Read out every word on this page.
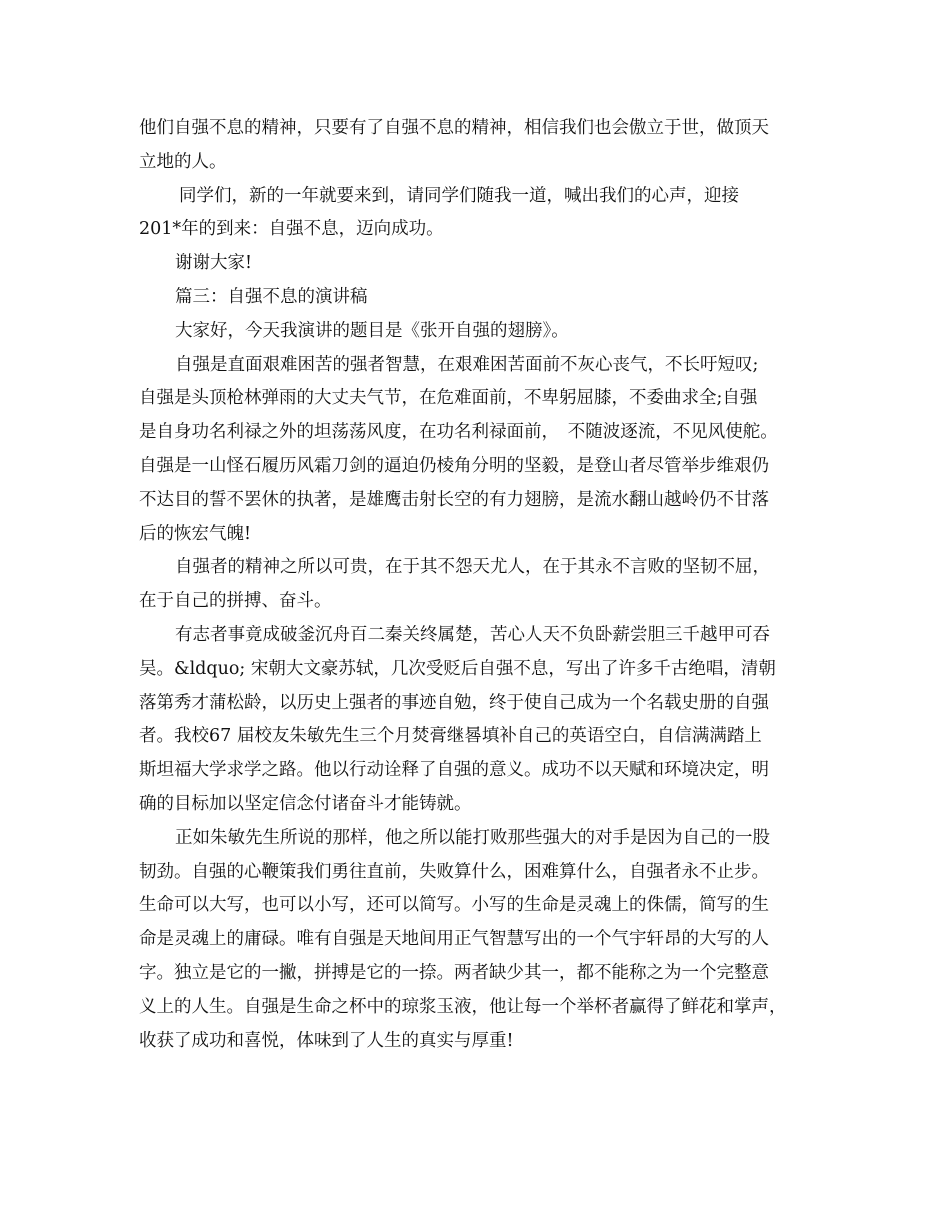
他们自强不息的精神，只要有了自强不息的精神，相信我们也会傲立于世，做顶天
立地的人。
同学们，新的一年就要来到，请同学们随我一道，喊出我们的心声，迎接
201*年的到来：自强不息，迈向成功。
谢谢大家!
篇三：自强不息的演讲稿
大家好，今天我演讲的题目是《张开自强的翅膀》。
自强是直面艰难困苦的强者智慧，在艰难困苦面前不灰心丧气，不长吁短叹;
自强是头顶枪林弹雨的大丈夫气节，在危难面前，不卑躬屈膝，不委曲求全;自强
是自身功名利禄之外的坦荡荡风度，在功名利禄面前，　不随波逐流，不见风使舵。
自强是一山怪石履历风霜刀剑的逼迫仍棱角分明的坚毅，是登山者尽管举步维艰仍
不达目的誓不罢休的执著，是雄鹰击射长空的有力翅膀，是流水翻山越岭仍不甘落
后的恢宏气魄!
自强者的精神之所以可贵，在于其不怨天尤人，在于其永不言败的坚韧不屈，
在于自己的拼搏、奋斗。
有志者事竟成破釜沉舟百二秦关终属楚，苦心人天不负卧薪尝胆三千越甲可吞
吴。&ldquo; 宋朝大文豪苏轼，几次受贬后自强不息，写出了许多千古绝唱，清朝
落第秀才蒲松龄，以历史上强者的事迹自勉，终于使自己成为一个名载史册的自强
者。我校67 届校友朱敏先生三个月焚膏继晷填补自己的英语空白，自信满满踏上
斯坦福大学求学之路。他以行动诠释了自强的意义。成功不以天赋和环境决定，明
确的目标加以坚定信念付诸奋斗才能铸就。
正如朱敏先生所说的那样，他之所以能打败那些强大的对手是因为自己的一股
韧劲。自强的心鞭策我们勇往直前，失败算什么，困难算什么，自强者永不止步。
生命可以大写，也可以小写，还可以简写。小写的生命是灵魂上的侏儒，简写的生
命是灵魂上的庸碌。唯有自强是天地间用正气智慧写出的一个气宇轩昂的大写的人
字。独立是它的一撇，拼搏是它的一捺。两者缺少其一，都不能称之为一个完整意
义上的人生。自强是生命之杯中的琼浆玉液，他让每一个举杯者赢得了鲜花和掌声，
收获了成功和喜悦，体味到了人生的真实与厚重!
